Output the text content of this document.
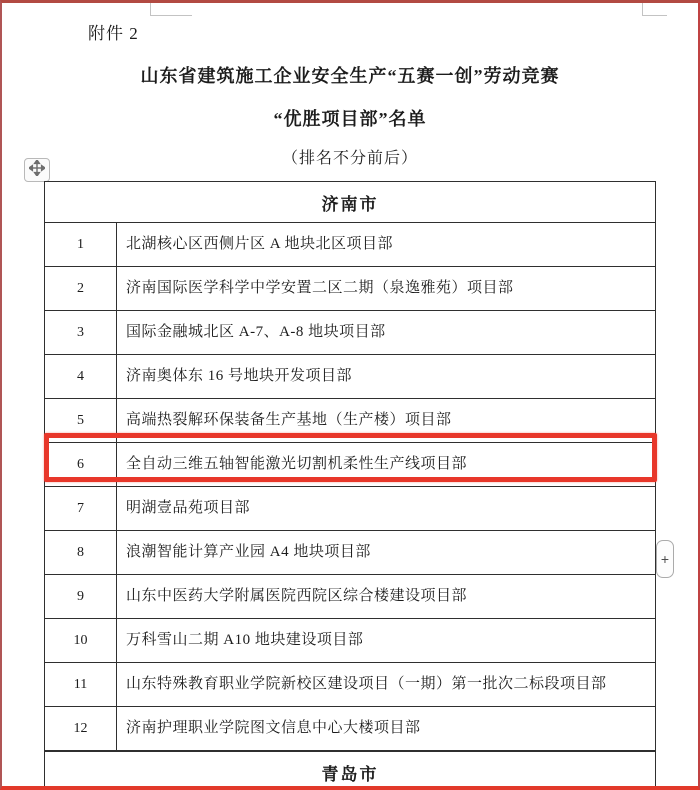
附件 2
山东省建筑施工企业安全生产“五赛一创”劳动竞赛
“优胜项目部”名单
（排名不分前后）
济南市
1	北湖核心区西侧片区 A 地块北区项目部
2	济南国际医学科学中学安置二区二期（泉逸雅苑）项目部
3	国际金融城北区 A-7、A-8 地块项目部
4	济南奥体东 16 号地块开发项目部
5	高端热裂解环保装备生产基地（生产楼）项目部
6	全自动三维五轴智能激光切割机柔性生产线项目部
7	明湖壹品苑项目部
8	浪潮智能计算产业园 A4 地块项目部
9	山东中医药大学附属医院西院区综合楼建设项目部
10	万科雪山二期 A10 地块建设项目部
11	山东特殊教育职业学院新校区建设项目（一期）第一批次二标段项目部
12	济南护理职业学院图文信息中心大楼项目部
青岛市
+
